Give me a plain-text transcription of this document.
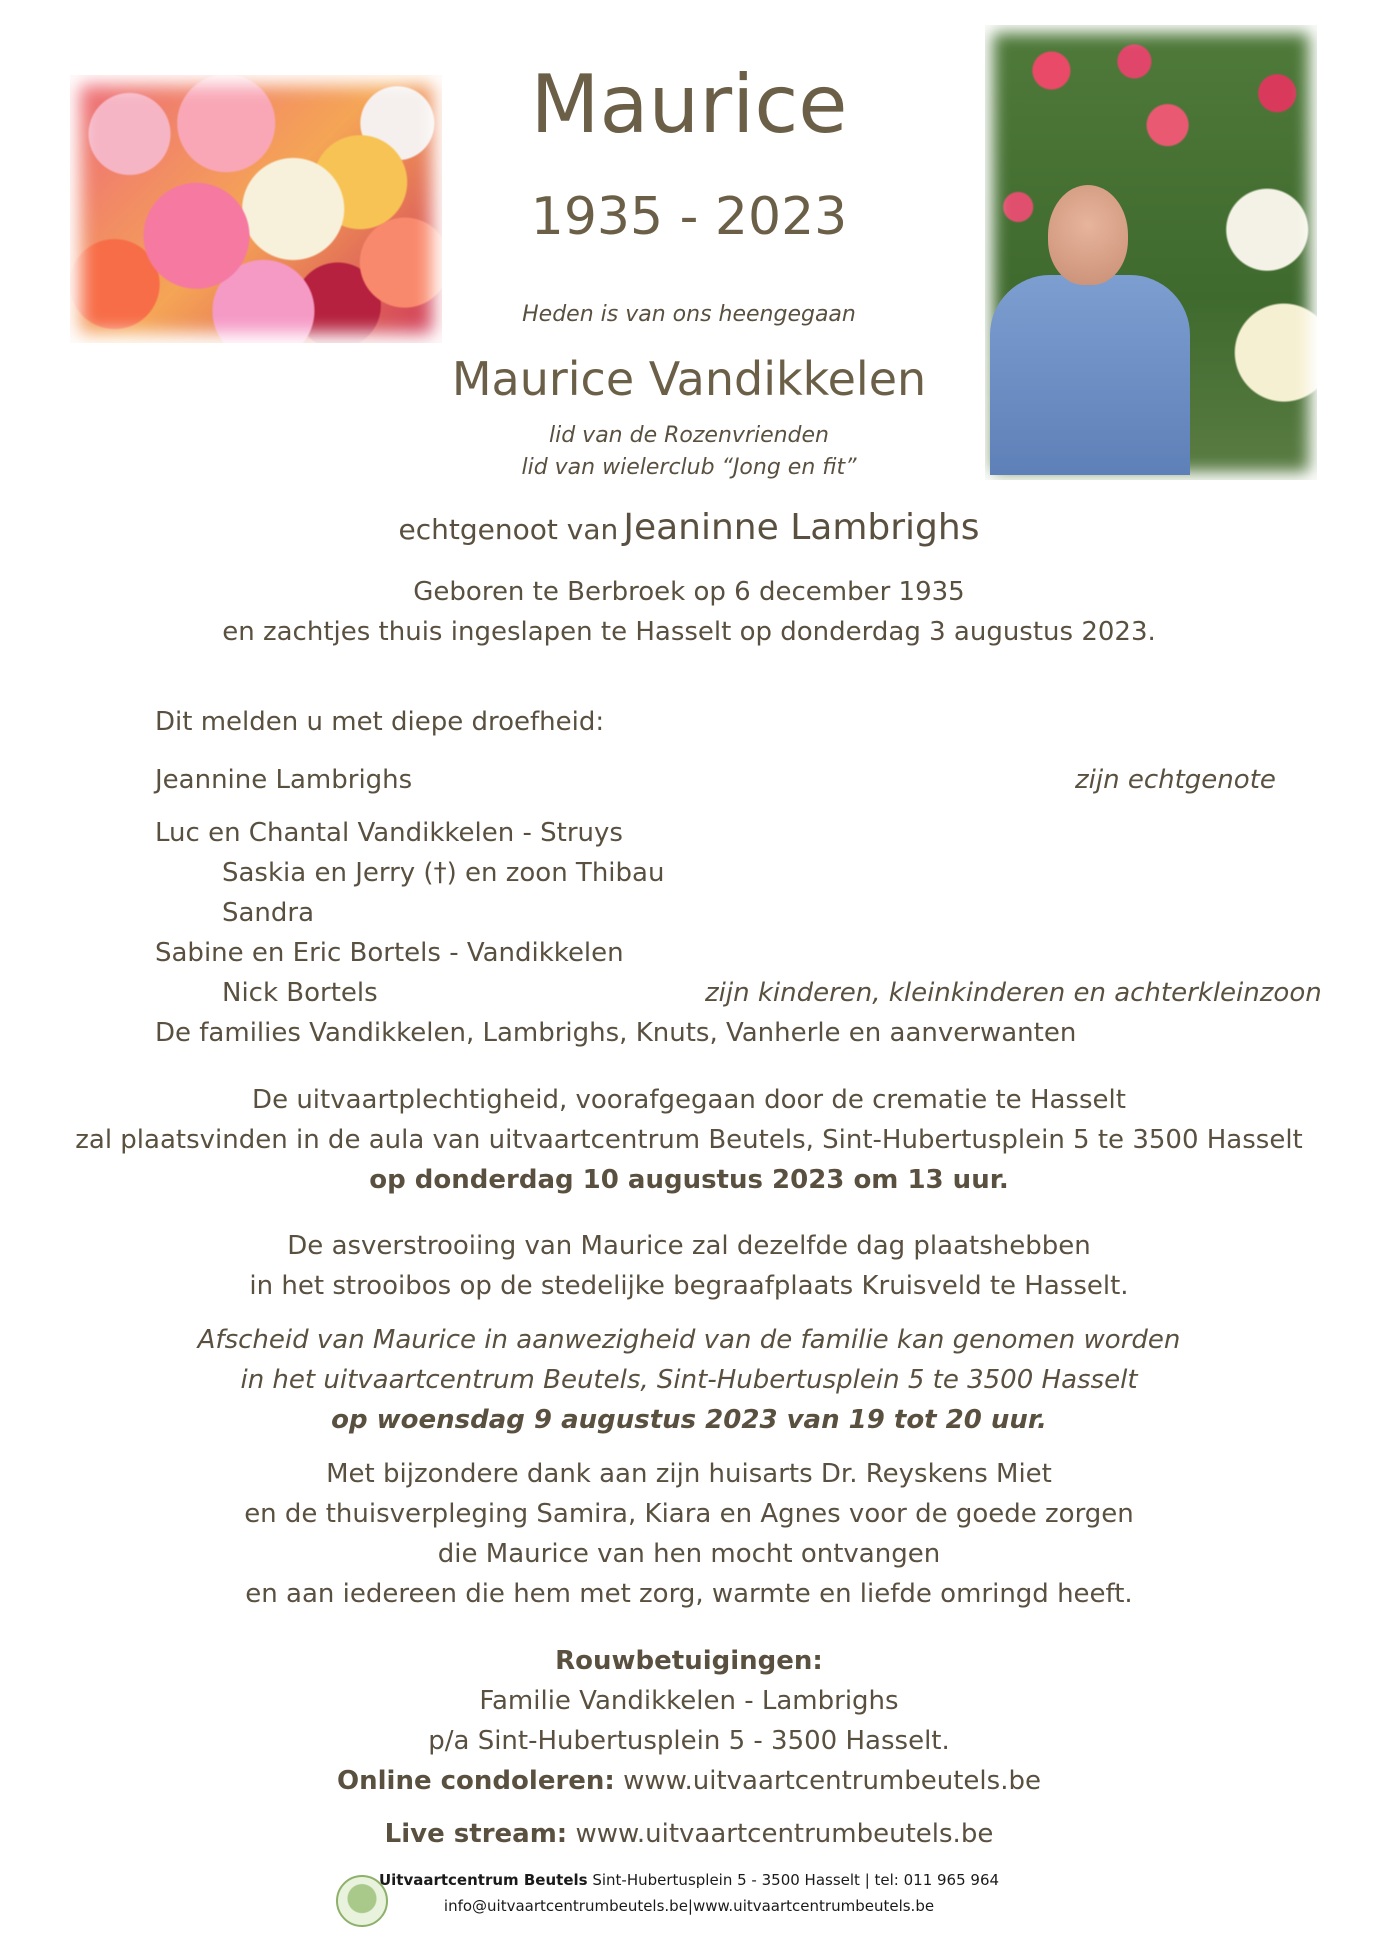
Maurice
1935 - 2023
Heden is van ons heengegaan
Maurice Vandikkelen
lid van de Rozenvrienden
lid van wielerclub “Jong en fit”
echtgenoot van Jeaninne Lambrighs
Geboren te Berbroek op 6 december 1935
en zachtjes thuis ingeslapen te Hasselt op donderdag 3 augustus 2023.
Dit melden u met diepe droefheid:
Jeannine Lambrighs	zijn echtgenote
Luc en Chantal Vandikkelen - Struys
Saskia en Jerry (†) en zoon Thibau
Sandra
Sabine en Eric Bortels - Vandikkelen
Nick Bortels	zijn kinderen, kleinkinderen en achterkleinzoon
De families Vandikkelen, Lambrighs, Knuts, Vanherle en aanverwanten
De uitvaartplechtigheid, voorafgegaan door de crematie te Hasselt
zal plaatsvinden in de aula van uitvaartcentrum Beutels, Sint-Hubertusplein 5 te 3500 Hasselt
op donderdag 10 augustus 2023 om 13 uur.
De asverstrooiing van Maurice zal dezelfde dag plaatshebben
in het strooibos op de stedelijke begraafplaats Kruisveld te Hasselt.
Afscheid van Maurice in aanwezigheid van de familie kan genomen worden
in het uitvaartcentrum Beutels, Sint-Hubertusplein 5 te 3500 Hasselt
op woensdag 9 augustus 2023 van 19 tot 20 uur.
Met bijzondere dank aan zijn huisarts Dr. Reyskens Miet
en de thuisverpleging Samira, Kiara en Agnes voor de goede zorgen
die Maurice van hen mocht ontvangen
en aan iedereen die hem met zorg, warmte en liefde omringd heeft.
Rouwbetuigingen:
Familie Vandikkelen - Lambrighs
p/a Sint-Hubertusplein 5 - 3500 Hasselt.
Online condoleren: www.uitvaartcentrumbeutels.be
Live stream: www.uitvaartcentrumbeutels.be
Uitvaartcentrum Beutels Sint-Hubertusplein 5 - 3500 Hasselt | tel: 011 965 964
info@uitvaartcentrumbeutels.be|www.uitvaartcentrumbeutels.be
